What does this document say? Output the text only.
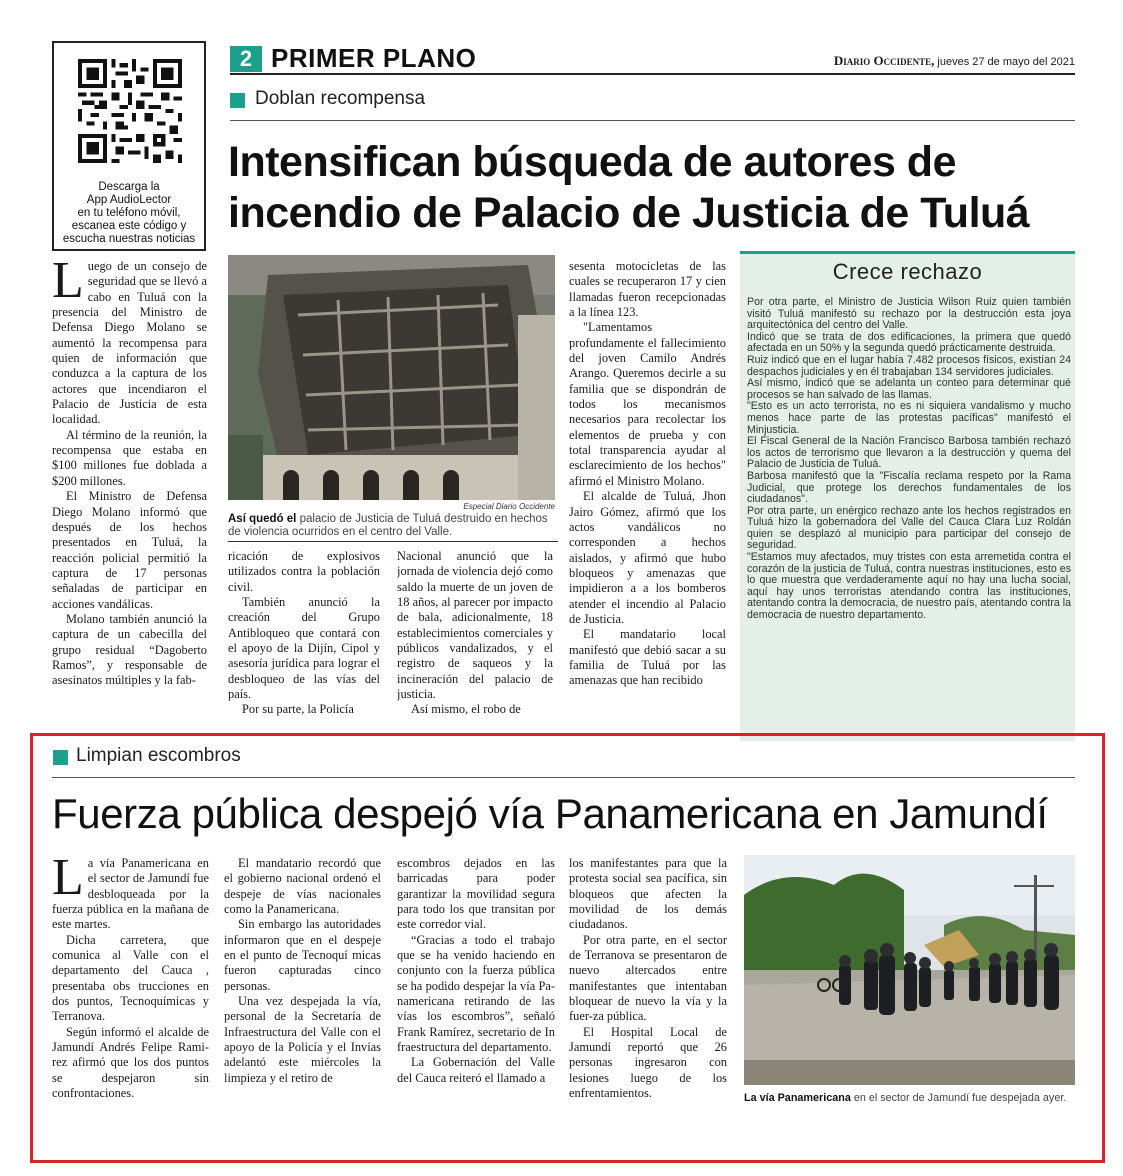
Descarga la
App AudioLector
en tu teléfono móvil,
escanea este código y
escucha nuestras noticias
2 PRIMER PLANO	Diario Occidente, jueves 27 de mayo del 2021
Doblan recompensa
Intensifican búsqueda de autores de incendio de Palacio de Justicia de Tuluá

Luego de un consejo de seguridad que se llevó a cabo en Tuluá con la presencia del Ministro de Defensa Diego Molano se aumentó la recompensa para quien de información que conduzca a la captura de los actores que incendiaron el Palacio de Justicia de esta localidad.

Al término de la reunión, la recompensa que estaba en $100 millones fue doblada a $200 millones.

El Ministro de Defensa Diego Molano informó que después de los hechos presentados en Tuluá, la reacción policial permitió la captura de 17 personas señaladas de participar en acciones vandálicas.

Molano también anunció la captura de un cabecilla del grupo residual “Dagoberto Ramos”, y responsable de asesinatos múltiples y la fab-

Especial Diario Occidente
Así quedó el palacio de Justicia de Tuluá destruido en hechos de violencia ocurridos en el centro del Valle.

ricación de explosivos utilizados contra la población civil.

También anunció la creación del Grupo Antibloqueo que contará con el apoyo de la Dijín, Cipol y asesoría jurídica para lograr el desbloqueo de las vías del país.

Por su parte, la Policía

Nacional anunció que la jornada de violencia dejó como saldo la muerte de un joven de 18 años, al parecer por impacto de bala, adicionalmente, 18 establecimientos comerciales y públicos vandalizados, y el registro de saqueos y la incineración del palacio de justicia.

Así mismo, el robo de

sesenta motocicletas de las cuales se recuperaron 17 y cien llamadas fueron recepcionadas a la línea 123.

"Lamentamos profundamente el fallecimiento del joven Camilo Andrés Arango. Queremos decirle a su familia que se dispondrán de todos los mecanismos necesarios para recolectar los elementos de prueba y con total transparencia ayudar al esclarecimiento de los hechos" afirmó el Ministro Molano.

El alcalde de Tuluá, Jhon Jairo Gómez, afirmó que los actos vandálicos no corresponden a hechos aislados, y afirmó que hubo bloqueos y amenazas que impidieron a a los bomberos atender el incendio al Palacio de Justicia.

El mandatario local manifestó que debió sacar a su familia de Tuluá por las amenazas que han recibido

Crece rechazo

Por otra parte, el Ministro de Justicia Wilson Ruiz quien también visitó Tuluá manifestó su rechazo por la destrucción esta joya arquitectónica del centro del Valle.

Indicó que se trata de dos edificaciones, la primera que quedó afectada en un 50% y la segunda quedó prácticamente destruida.

Ruiz indicó que en el lugar había 7.482 procesos físicos, existían 24 despachos judiciales y en él trabajaban 134 servidores judiciales.

Así mismo, indicó que se adelanta un conteo para determinar qué procesos se han salvado de las llamas.

"Esto es un acto terrorista, no es ni siquiera vandalismo y mucho menos hace parte de las protestas pacíficas" manifestó el Minjusticia.

El Fiscal General de la Nación Francisco Barbosa también rechazó los actos de terrorismo que llevaron a la destrucción y quema del Palacio de Justicia de Tuluá.

Barbosa manifestó que la "Fiscalía reclama respeto por la Rama Judicial, que protege los derechos fundamentales de los ciudadanos".

Por otra parte, un enérgico rechazo ante los hechos registrados en Tuluá hizo la gobernadora del Valle del Cauca Clara Luz Roldán quien se desplazó al municipio para participar del consejo de seguridad.

"Estamos muy afectados, muy tristes con esta arremetida contra el corazón de la justicia de Tuluá, contra nuestras instituciones, esto es lo que muestra que verdaderamente aquí no hay una lucha social, aquí hay unos terroristas atendando contra las instituciones, atentando contra la democracia, de nuestro país, atentando contra la democracia de nuestro departamento.

Limpian escombros
Fuerza pública despejó vía Panamericana en Jamundí

La vía Panamericana en el sector de Jamundí fue desbloqueada por la fuerza pública en la mañana de este martes.

Dicha carretera, que comunica al Valle con el departamento del Cauca , presentaba obs trucciones en dos puntos, Tecnoquímicas y Terranova.

Según informó el alcalde de Jamundí Andrés Felipe Rami-rez afirmó que los dos puntos se despejaron sin confrontaciones.

El mandatario recordó que el gobierno nacional ordenó el despeje de vías nacionales como la Panamericana.

Sin embargo las autoridades informaron que en el despeje en el punto de Tecnoquí micas fueron capturadas cinco personas.

Una vez despejada la vía, personal de la Secretaría de Infraestructura del Valle con el apoyo de la Policía y el Invías adelantó este miércoles la limpieza y el retiro de

escombros dejados en las barricadas para poder garantizar la movilidad segura para todo los que transitan por este corredor vial.

“Gracias a todo el trabajo que se ha venido haciendo en conjunto con la fuerza pública se ha podido despejar la vía Pa-namericana retirando de las vías los escombros”, señaló Frank Ramírez, secretario de In fraestructura del departamento.

La Gobernación del Valle del Cauca reiteró el llamado a

los manifestantes para que la protesta social sea pacífica, sin bloqueos que afecten la movilidad de los demás ciudadanos.

Por otra parte, en el sector de Terranova se presentaron de nuevo altercados entre manifestantes que intentaban bloquear de nuevo la vía y la fuer-za pública.

El Hospital Local de Jamundí reportó que 26 personas ingresaron con lesiones luego de los enfrentamientos.	La vía Panamericana en el sector de Jamundí fue despejada ayer.
